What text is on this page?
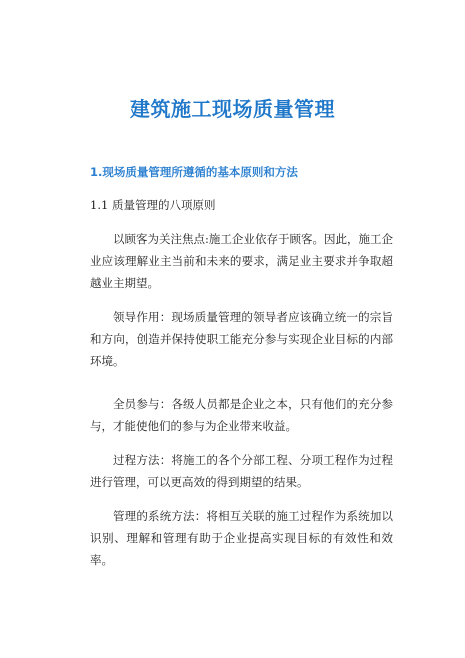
建筑施工现场质量管理
1.现场质量管理所遵循的基本原则和方法
1.1 质量管理的八项原则

以顾客为关注焦点:施工企业依存于顾客。因此，施工企业应该理解业主当前和未来的要求，满足业主要求并争取超越业主期望。

领导作用：现场质量管理的领导者应该确立统一的宗旨和方向，创造并保持使职工能充分参与实现企业目标的内部环境。

全员参与：各级人员都是企业之本，只有他们的充分参与，才能使他们的参与为企业带来收益。

过程方法：将施工的各个分部工程、分项工程作为过程进行管理，可以更高效的得到期望的结果。

管理的系统方法：将相互关联的施工过程作为系统加以识别、理解和管理有助于企业提高实现目标的有效性和效率。
